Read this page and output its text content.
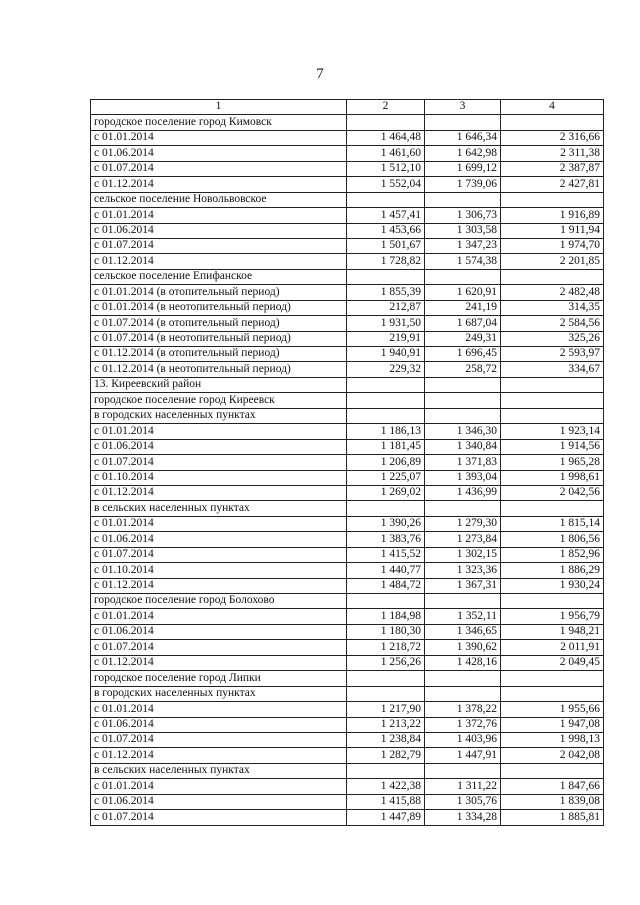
7
1	2	3	4
городское поселение город Кимовск			
с 01.01.2014	1 464,48	1 646,34	2 316,66
с 01.06.2014	1 461,60	1 642,98	2 311,38
с 01.07.2014	1 512,10	1 699,12	2 387,87
с 01.12.2014	1 552,04	1 739,06	2 427,81
сельское поселение Новольвовское			
с 01.01.2014	1 457,41	1 306,73	1 916,89
с 01.06.2014	1 453,66	1 303,58	1 911,94
с 01.07.2014	1 501,67	1 347,23	1 974,70
с 01.12.2014	1 728,82	1 574,38	2 201,85
сельское поселение Епифанское			
с 01.01.2014 (в отопительный период)	1 855,39	1 620,91	2 482,48
с 01.01.2014 (в неотопительный период)	212,87	241,19	314,35
с 01.07.2014 (в отопительный период)	1 931,50	1 687,04	2 584,56
с 01.07.2014 (в неотопительный период)	219,91	249,31	325,26
с 01.12.2014 (в отопительный период)	1 940,91	1 696,45	2 593,97
с 01.12.2014 (в неотопительный период)	229,32	258,72	334,67
13. Киреевский район			
городское поселение город Киреевск			
в городских населенных пунктах			
с 01.01.2014	1 186,13	1 346,30	1 923,14
с 01.06.2014	1 181,45	1 340,84	1 914,56
с 01.07.2014	1 206,89	1 371,83	1 965,28
с 01.10.2014	1 225,07	1 393,04	1 998,61
с 01.12.2014	1 269,02	1 436,99	2 042,56
в сельских населенных пунктах			
с 01.01.2014	1 390,26	1 279,30	1 815,14
с 01.06.2014	1 383,76	1 273,84	1 806,56
с 01.07.2014	1 415,52	1 302,15	1 852,96
с 01.10.2014	1 440,77	1 323,36	1 886,29
с 01.12.2014	1 484,72	1 367,31	1 930,24
городское поселение город Болохово			
с 01.01.2014	1 184,98	1 352,11	1 956,79
с 01.06.2014	1 180,30	1 346,65	1 948,21
с 01.07.2014	1 218,72	1 390,62	2 011,91
с 01.12.2014	1 256,26	1 428,16	2 049,45
городское поселение город Липки			
в городских населенных пунктах			
с 01.01.2014	1 217,90	1 378,22	1 955,66
с 01.06.2014	1 213,22	1 372,76	1 947,08
с 01.07.2014	1 238,84	1 403,96	1 998,13
с 01.12.2014	1 282,79	1 447,91	2 042,08
в сельских населенных пунктах			
с 01.01.2014	1 422,38	1 311,22	1 847,66
с 01.06.2014	1 415,88	1 305,76	1 839,08
с 01.07.2014	1 447,89	1 334,28	1 885,81
